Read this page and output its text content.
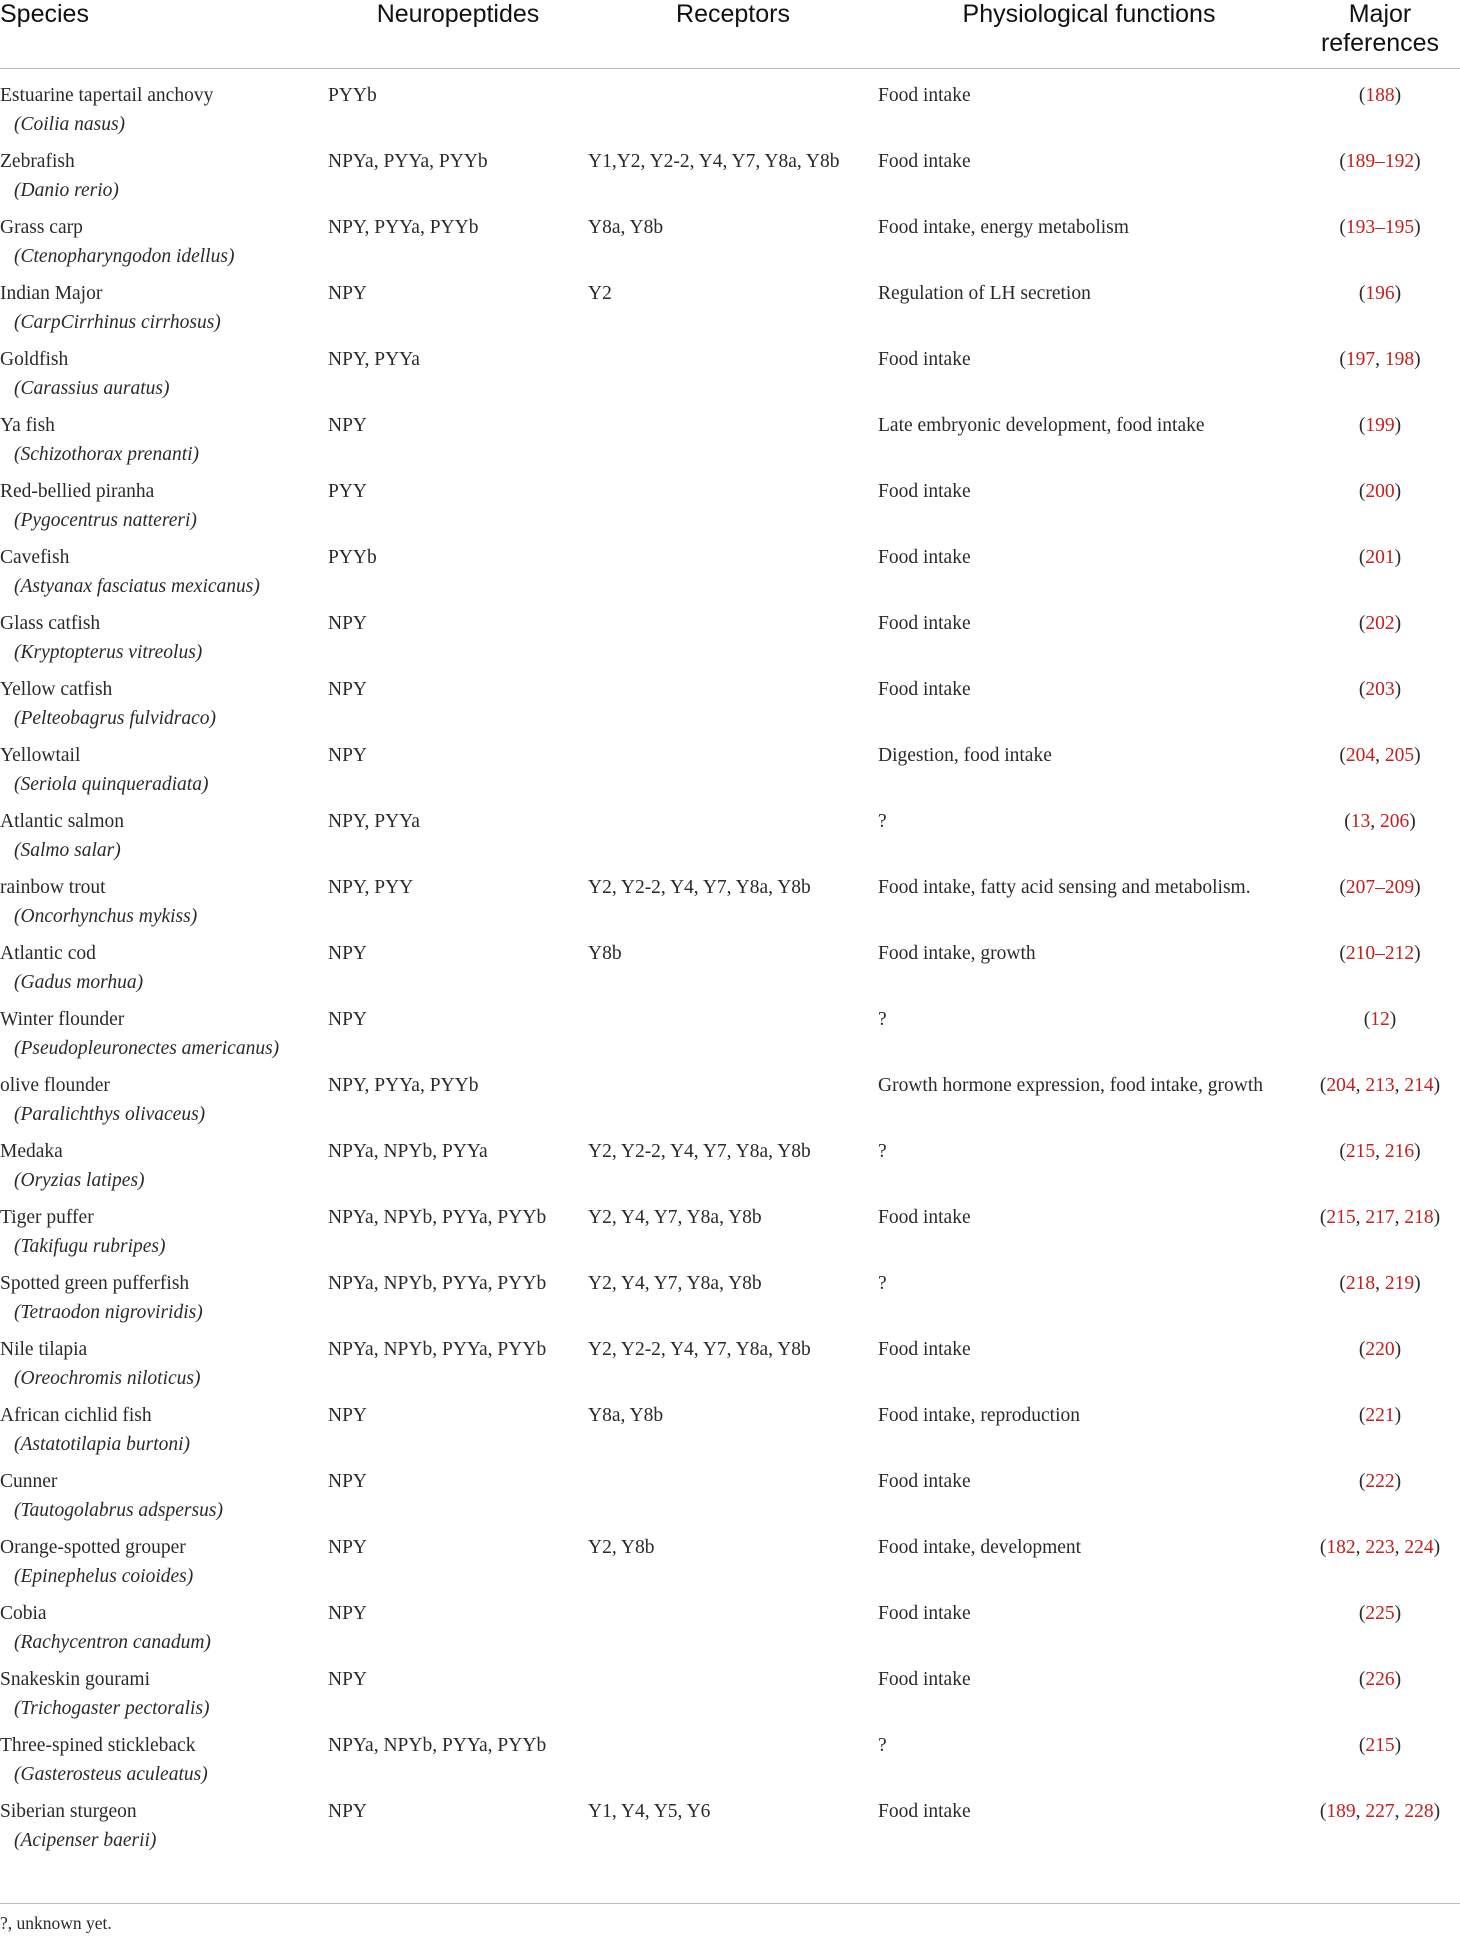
Species	Neuropeptides	Receptors	Physiological functions	Major
references

Estuarine tapertail anchovy
(Coilia nasus)	PYYb		Food intake	(188)

Zebrafish
(Danio rerio)	NPYa, PYYa, PYYb	Y1,Y2, Y2-2, Y4, Y7, Y8a, Y8b	Food intake	(189–192)

Grass carp
(Ctenopharyngodon idellus)	NPY, PYYa, PYYb	Y8a, Y8b	Food intake, energy metabolism	(193–195)

Indian Major
(CarpCirrhinus cirrhosus)	NPY	Y2	Regulation of LH secretion	(196)

Goldfish
(Carassius auratus)	NPY, PYYa		Food intake	(197, 198)

Ya fish
(Schizothorax prenanti)	NPY		Late embryonic development, food intake	(199)

Red-bellied piranha
(Pygocentrus nattereri)	PYY		Food intake	(200)

Cavefish
(Astyanax fasciatus mexicanus)	PYYb		Food intake	(201)

Glass catfish
(Kryptopterus vitreolus)	NPY		Food intake	(202)

Yellow catfish
(Pelteobagrus fulvidraco)	NPY		Food intake	(203)

Yellowtail
(Seriola quinqueradiata)	NPY		Digestion, food intake	(204, 205)

Atlantic salmon
(Salmo salar)	NPY, PYYa		?	(13, 206)

rainbow trout
(Oncorhynchus mykiss)	NPY, PYY	Y2, Y2-2, Y4, Y7, Y8a, Y8b	Food intake, fatty acid sensing and metabolism.	(207–209)

Atlantic cod
(Gadus morhua)	NPY	Y8b	Food intake, growth	(210–212)

Winter flounder
(Pseudopleuronectes americanus)	NPY		?	(12)

olive flounder
(Paralichthys olivaceus)	NPY, PYYa, PYYb		Growth hormone expression, food intake, growth	(204, 213, 214)

Medaka
(Oryzias latipes)	NPYa, NPYb, PYYa	Y2, Y2-2, Y4, Y7, Y8a, Y8b	?	(215, 216)

Tiger puffer
(Takifugu rubripes)	NPYa, NPYb, PYYa, PYYb	Y2, Y4, Y7, Y8a, Y8b	Food intake	(215, 217, 218)

Spotted green pufferfish
(Tetraodon nigroviridis)	NPYa, NPYb, PYYa, PYYb	Y2, Y4, Y7, Y8a, Y8b	?	(218, 219)

Nile tilapia
(Oreochromis niloticus)	NPYa, NPYb, PYYa, PYYb	Y2, Y2-2, Y4, Y7, Y8a, Y8b	Food intake	(220)

African cichlid fish
(Astatotilapia burtoni)	NPY	Y8a, Y8b	Food intake, reproduction	(221)

Cunner
(Tautogolabrus adspersus)	NPY		Food intake	(222)

Orange-spotted grouper
(Epinephelus coioides)	NPY	Y2, Y8b	Food intake, development	(182, 223, 224)

Cobia
(Rachycentron canadum)	NPY		Food intake	(225)

Snakeskin gourami
(Trichogaster pectoralis)	NPY		Food intake	(226)

Three-spined stickleback
(Gasterosteus aculeatus)	NPYa, NPYb, PYYa, PYYb		?	(215)

Siberian sturgeon
(Acipenser baerii)	NPY	Y1, Y4, Y5, Y6	Food intake	(189, 227, 228)
?, unknown yet.
